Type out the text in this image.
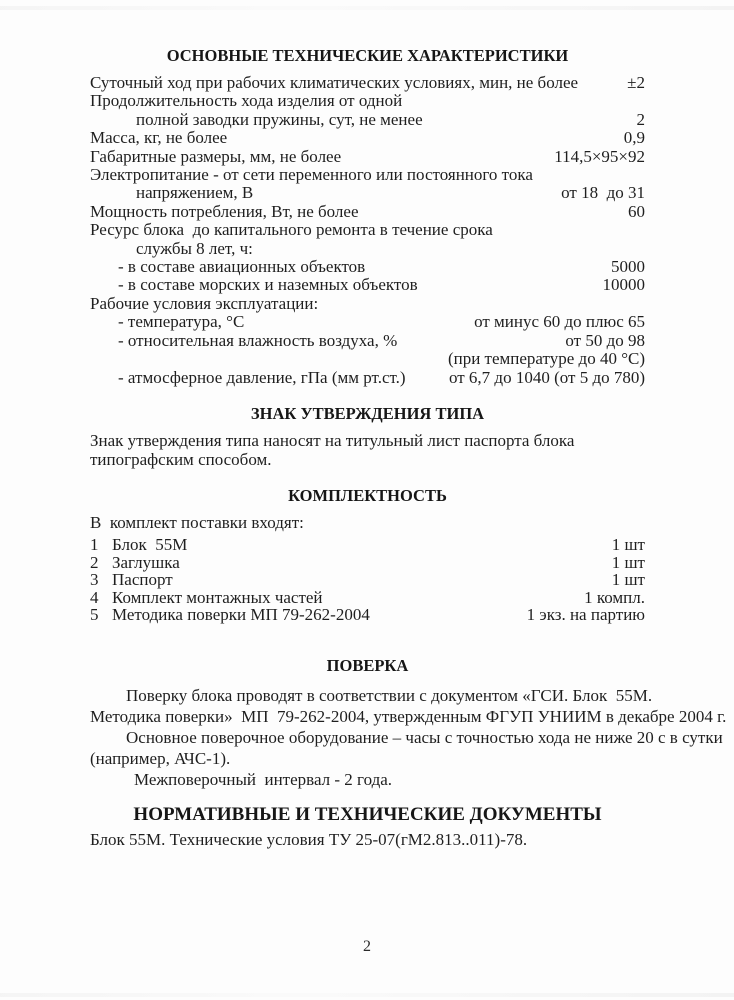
ОСНОВНЫЕ ТЕХНИЧЕСКИЕ ХАРАКТЕРИСТИКИ
Суточный ход при рабочих климатических условиях, мин, не более	±2
Продолжительность хода изделия от одной
полной заводки пружины, сут, не менее	2
Масса, кг, не более	0,9
Габаритные размеры, мм, не более	114,5×95×92
Электропитание - от сети переменного или постоянного тока
напряжением, В	от 18  до 31
Мощность потребления, Вт, не более	60
Ресурс блока  до капитального ремонта в течение срока
службы 8 лет, ч:
- в составе авиационных объектов	5000
- в составе морских и наземных объектов	10000
Рабочие условия эксплуатации:
- температура, °С	от минус 60 до плюс 65
- относительная влажность воздуха, %	от 50 до 98
(при температуре до 40 °С)
- атмосферное давление, гПа (мм рт.ст.)	от 6,7 до 1040 (от 5 до 780)
ЗНАК УТВЕРЖДЕНИЯ ТИПА
Знак утверждения типа наносят на титульный лист паспорта блока
типографским способом.
КОМПЛЕКТНОСТЬ
В  комплект поставки входят:
1 Блок  55М	1 шт
2 Заглушка	1 шт
3 Паспорт	1 шт
4 Комплект монтажных частей	1 компл.
5 Методика поверки МП 79-262-2004	1 экз. на партию
ПОВЕРКА
Поверку блока проводят в соответствии с документом «ГСИ. Блок  55М.
Методика поверки»  МП  79-262-2004, утвержденным ФГУП УНИИМ в декабре 2004 г.
Основное поверочное оборудование – часы с точностью хода не ниже 20 с в сутки
(например, АЧС-1).
Межповерочный  интервал - 2 года.
НОРМАТИВНЫЕ И ТЕХНИЧЕСКИЕ ДОКУМЕНТЫ
Блок 55М. Технические условия ТУ 25-07(гМ2.813..011)-78.
2
